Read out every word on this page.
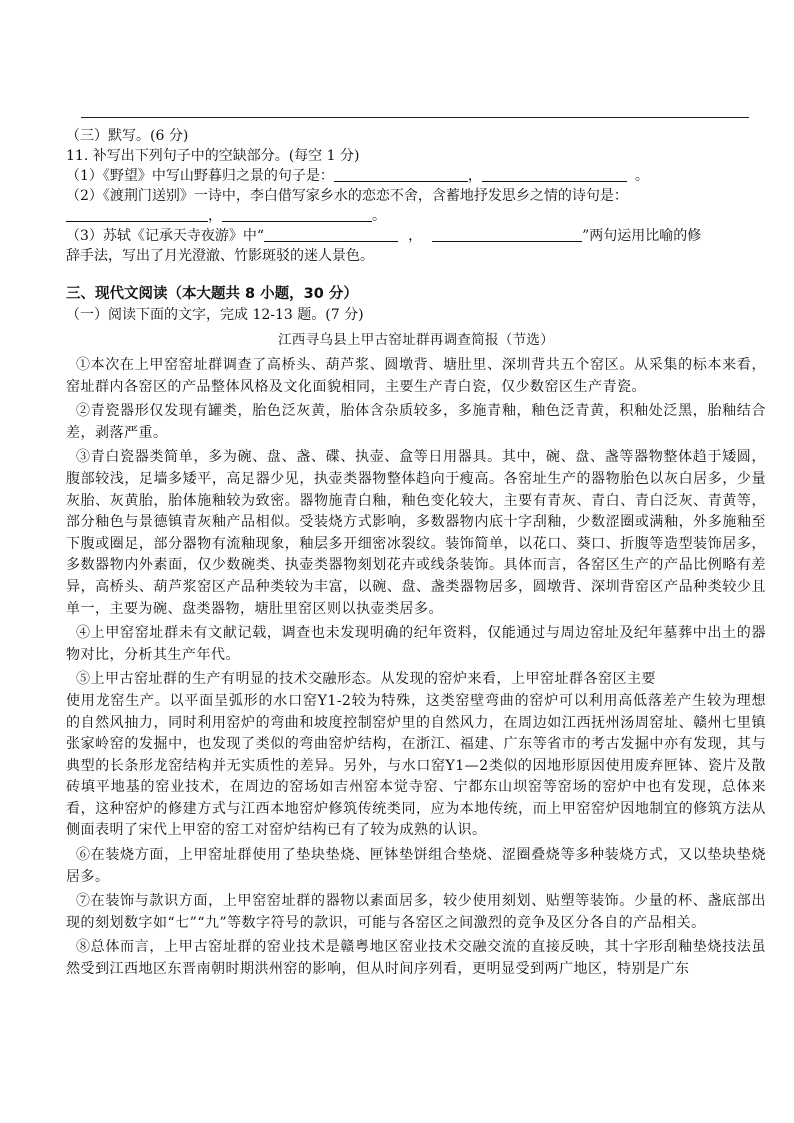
（三）默写。(6 分)
11. 补写出下列句子中的空缺部分。(每空 1 分)
（1）《野望》中写山野暮归之景的句子是：	，	。
（2）《渡荆门送别》一诗中，李白借写家乡水的恋恋不舍，含蓄地抒发思乡之情的诗句是：
，	。
（3）苏轼《记承天寺夜游》中“	，	”两句运用比喻的修
辞手法，写出了月光澄澈、竹影斑驳的迷人景色。
三、现代文阅读（本大题共 8 小题，30 分）
（一）阅读下面的文字，完成 12-13 题。(7 分)
江西寻乌县上甲古窑址群再调查简报（节选）

①本次在上甲窑窑址群调查了高桥头、葫芦浆、圆墩背、塘肚里、深圳背共五个窑区。从采集的标本来看，窑址群内各窑区的产品整体风格及文化面貌相同，主要生产青白瓷，仅少数窑区生产青瓷。

②青瓷器形仅发现有罐类，胎色泛灰黄，胎体含杂质较多，多施青釉，釉色泛青黄，积釉处泛黑，胎釉结合差，剥落严重。

③青白瓷器类简单，多为碗、盘、盏、碟、执壶、盒等日用器具。其中，碗、盘、盏等器物整体趋于矮圆，腹部较浅，足墙多矮平，高足器少见，执壶类器物整体趋向于瘦高。各窑址生产的器物胎色以灰白居多，少量灰胎、灰黄胎，胎体施釉较为致密。器物施青白釉，釉色变化较大，主要有青灰、青白、青白泛灰、青黄等，部分釉色与景德镇青灰釉产品相似。受装烧方式影响，多数器物内底十字刮釉，少数涩圈或满釉，外多施釉至下腹或圈足，部分器物有流釉现象，釉层多开细密冰裂纹。装饰简单，以花口、葵口、折腹等造型装饰居多，多数器物内外素面，仅少数碗类、执壶类器物刻划花卉或线条装饰。具体而言，各窑区生产的产品比例略有差异，高桥头、葫芦浆窑区产品种类较为丰富，以碗、盘、盏类器物居多，圆墩背、深圳背窑区产品种类较少且单一，主要为碗、盘类器物，塘肚里窑区则以执壶类居多。

④上甲窑窑址群未有文献记载，调查也未发现明确的纪年资料，仅能通过与周边窑址及纪年墓葬中出土的器物对比，分析其生产年代。

⑤上甲古窑址群的生产有明显的技术交融形态。从发现的窑炉来看，上甲窑址群各窑区主要

使用龙窑生产。以平面呈弧形的水口窑Y1-2较为特殊，这类窑壁弯曲的窑炉可以利用高低落差产生较为理想的自然风抽力，同时利用窑炉的弯曲和坡度控制窑炉里的自然风力，在周边如江西抚州汤周窑址、赣州七里镇张家岭窑的发掘中，也发现了类似的弯曲窑炉结构，在浙江、福建、广东等省市的考古发掘中亦有发现，其与典型的长条形龙窑结构并无实质性的差异。另外，与水口窑Y1—2类似的因地形原因使用废弃匣钵、瓷片及散砖填平地基的窑业技术，在周边的窑场如吉州窑本觉寺窑、宁都东山坝窑等窑场的窑炉中也有发现，总体来看，这种窑炉的修建方式与江西本地窑炉修筑传统类同，应为本地传统，而上甲窑窑炉因地制宜的修筑方法从侧面表明了宋代上甲窑的窑工对窑炉结构已有了较为成熟的认识。

⑥在装烧方面，上甲窑址群使用了垫块垫烧、匣钵垫饼组合垫烧、涩圈叠烧等多种装烧方式，又以垫块垫烧居多。

⑦在装饰与款识方面，上甲窑窑址群的器物以素面居多，较少使用刻划、贴塑等装饰。少量的杯、盏底部出现的刻划数字如“七”“九”等数字符号的款识，可能与各窑区之间激烈的竞争及区分各自的产品相关。

⑧总体而言，上甲古窑址群的窑业技术是赣粤地区窑业技术交融交流的直接反映，其十字形刮釉垫烧技法虽然受到江西地区东晋南朝时期洪州窑的影响，但从时间序列看，更明显受到两广地区，特别是广东
